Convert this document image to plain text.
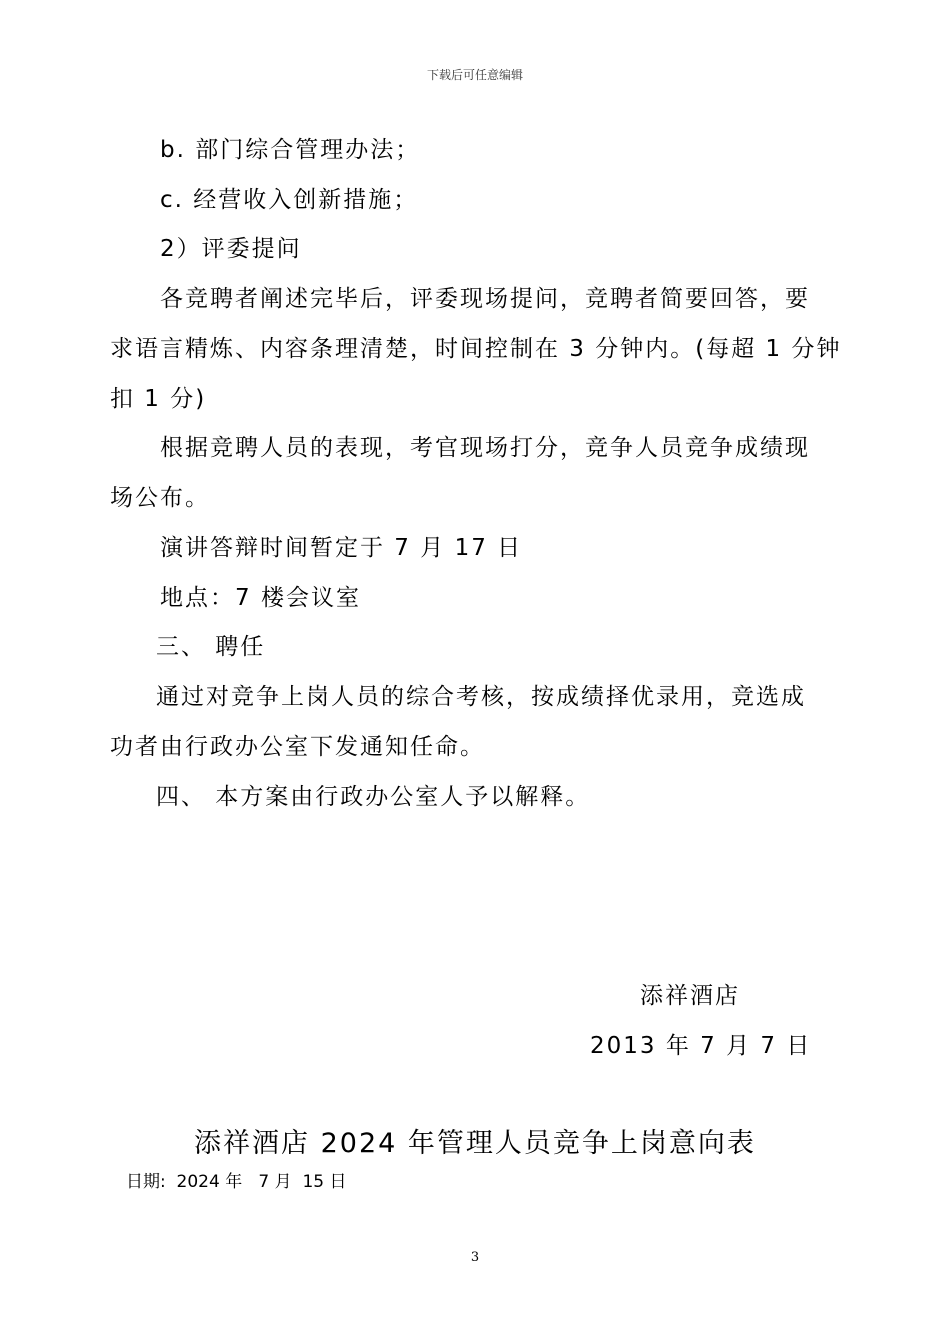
下载后可任意编辑
b. 部门综合管理办法；
c. 经营收入创新措施；
2）评委提问
各竞聘者阐述完毕后，评委现场提问，竞聘者简要回答，要
求语言精炼、内容条理清楚，时间控制在 3 分钟内。(每超 1 分钟
扣 1 分)
根据竞聘人员的表现，考官现场打分，竞争人员竞争成绩现
场公布。
演讲答辩时间暂定于 7 月 17 日
地点：7 楼会议室
三、 聘任
通过对竞争上岗人员的综合考核，按成绩择优录用，竞选成
功者由行政办公室下发通知任命。
四、 本方案由行政办公室人予以解释。
添祥酒店
2013 年 7 月 7 日
添祥酒店 2024 年管理人员竞争上岗意向表
日期:  2024 年   7 月  15 日
3
